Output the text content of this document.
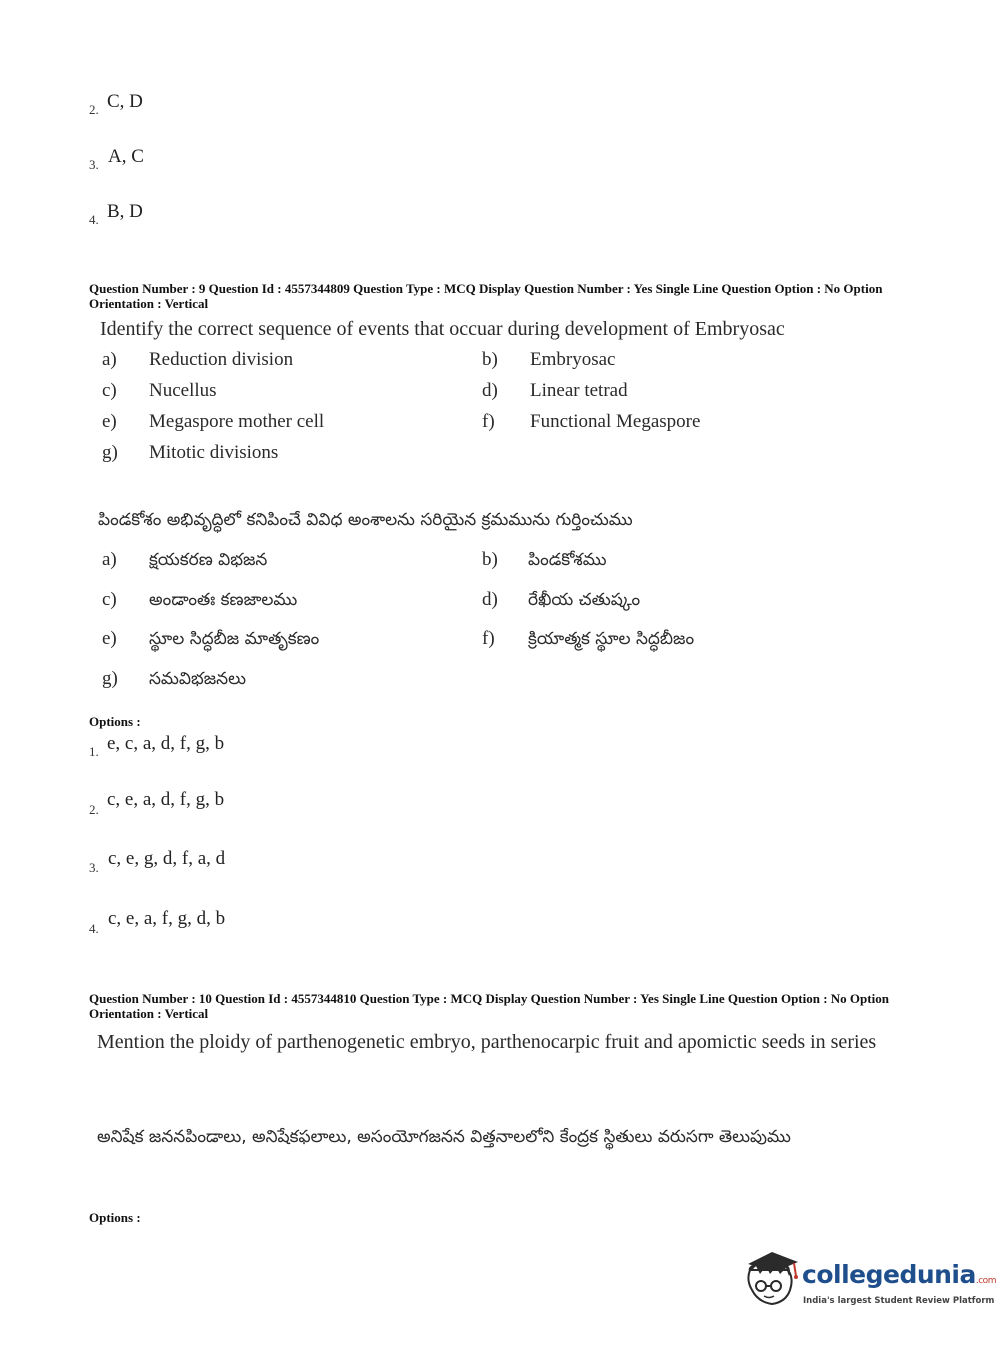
2. C, D
3. A, C
4. B, D
Question Number : 9 Question Id : 4557344809 Question Type : MCQ Display Question Number : Yes Single Line Question Option : No Option Orientation : Vertical
Identify the correct sequence of events that occuar during development of Embryosac
a) Reduction division	b) Embryosac
c) Nucellus	d) Linear tetrad
e) Megaspore mother cell	f) Functional Megaspore
g) Mitotic divisions
పిండకోశం అభివృద్ధిలో కనిపించే వివిధ అంశాలను సరియైన క్రమమును గుర్తించుము
a) క్షయకరణ విభజన	b) పిండకోశము
c) అండాంతః కణజాలము	d) రేఖీయ చతుష్కం
e) స్థూల సిద్ధబీజ మాతృకణం	f) క్రియాత్మక స్థూల సిద్ధబీజం
g) సమవిభజనలు
Options :
1. e, c, a, d, f, g, b
2. c, e, a, d, f, g, b
3. c, e, g, d, f, a, d
4. c, e, a, f, g, d, b
Question Number : 10 Question Id : 4557344810 Question Type : MCQ Display Question Number : Yes Single Line Question Option : No Option Orientation : Vertical
Mention the ploidy of parthenogenetic embryo, parthenocarpic fruit and apomictic seeds in series
అనిషేక జననపిండాలు, అనిషేకఫలాలు, అసంయోగజనన విత్తనాలలోని కేంద్రక స్థితులు వరుసగా తెలుపుము
Options :
collegedunia.com
India's largest Student Review Platform
